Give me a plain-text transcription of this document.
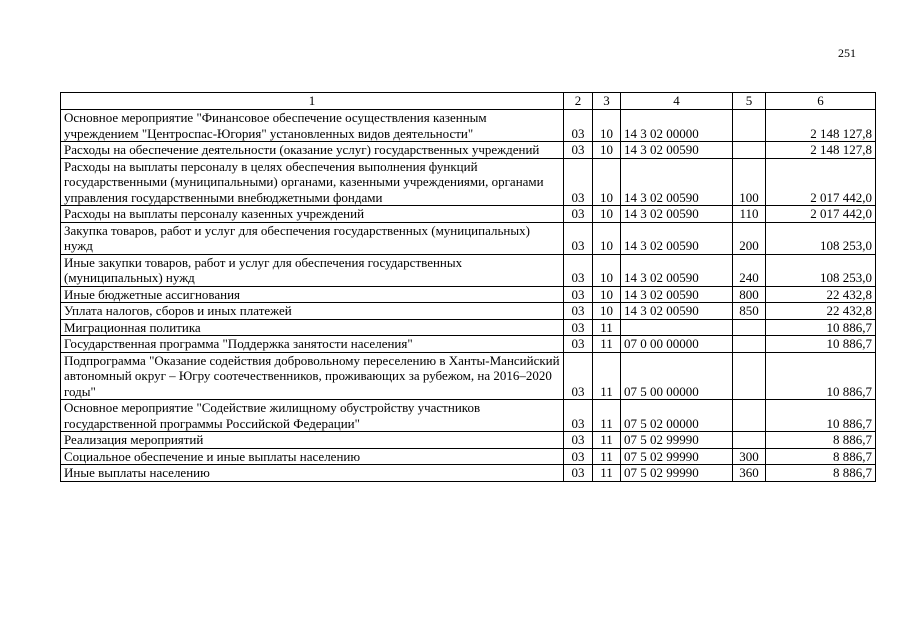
251
1	2	3	4	5	6
Основное мероприятие "Финансовое обеспечение осуществления казенным учреждением "Центроспас-Югория" установленных видов деятельности"	03	10	14 3 02 00000		2 148 127,8
Расходы на обеспечение деятельности (оказание услуг) государственных учреждений	03	10	14 3 02 00590		2 148 127,8
Расходы на выплаты персоналу в целях обеспечения выполнения функций государственными (муниципальными) органами, казенными учреждениями, органами управления государственными внебюджетными фондами	03	10	14 3 02 00590	100	2 017 442,0
Расходы на выплаты персоналу казенных учреждений	03	10	14 3 02 00590	110	2 017 442,0
Закупка товаров, работ и услуг для обеспечения государственных (муниципальных) нужд	03	10	14 3 02 00590	200	108 253,0
Иные закупки товаров, работ и услуг для обеспечения государственных (муниципальных) нужд	03	10	14 3 02 00590	240	108 253,0
Иные бюджетные ассигнования	03	10	14 3 02 00590	800	22 432,8
Уплата налогов, сборов и иных платежей	03	10	14 3 02 00590	850	22 432,8
Миграционная политика	03	11			10 886,7
Государственная программа "Поддержка занятости населения"	03	11	07 0 00 00000		10 886,7
Подпрограмма "Оказание содействия добровольному переселению в Ханты-Мансийский автономный округ – Югру соотечественников, проживающих за рубежом, на 2016–2020 годы"	03	11	07 5 00 00000		10 886,7
Основное мероприятие "Содействие жилищному обустройству участников государственной программы Российской Федерации"	03	11	07 5 02 00000		10 886,7
Реализация мероприятий	03	11	07 5 02 99990		8 886,7
Социальное обеспечение и иные выплаты населению	03	11	07 5 02 99990	300	8 886,7
Иные выплаты населению	03	11	07 5 02 99990	360	8 886,7
